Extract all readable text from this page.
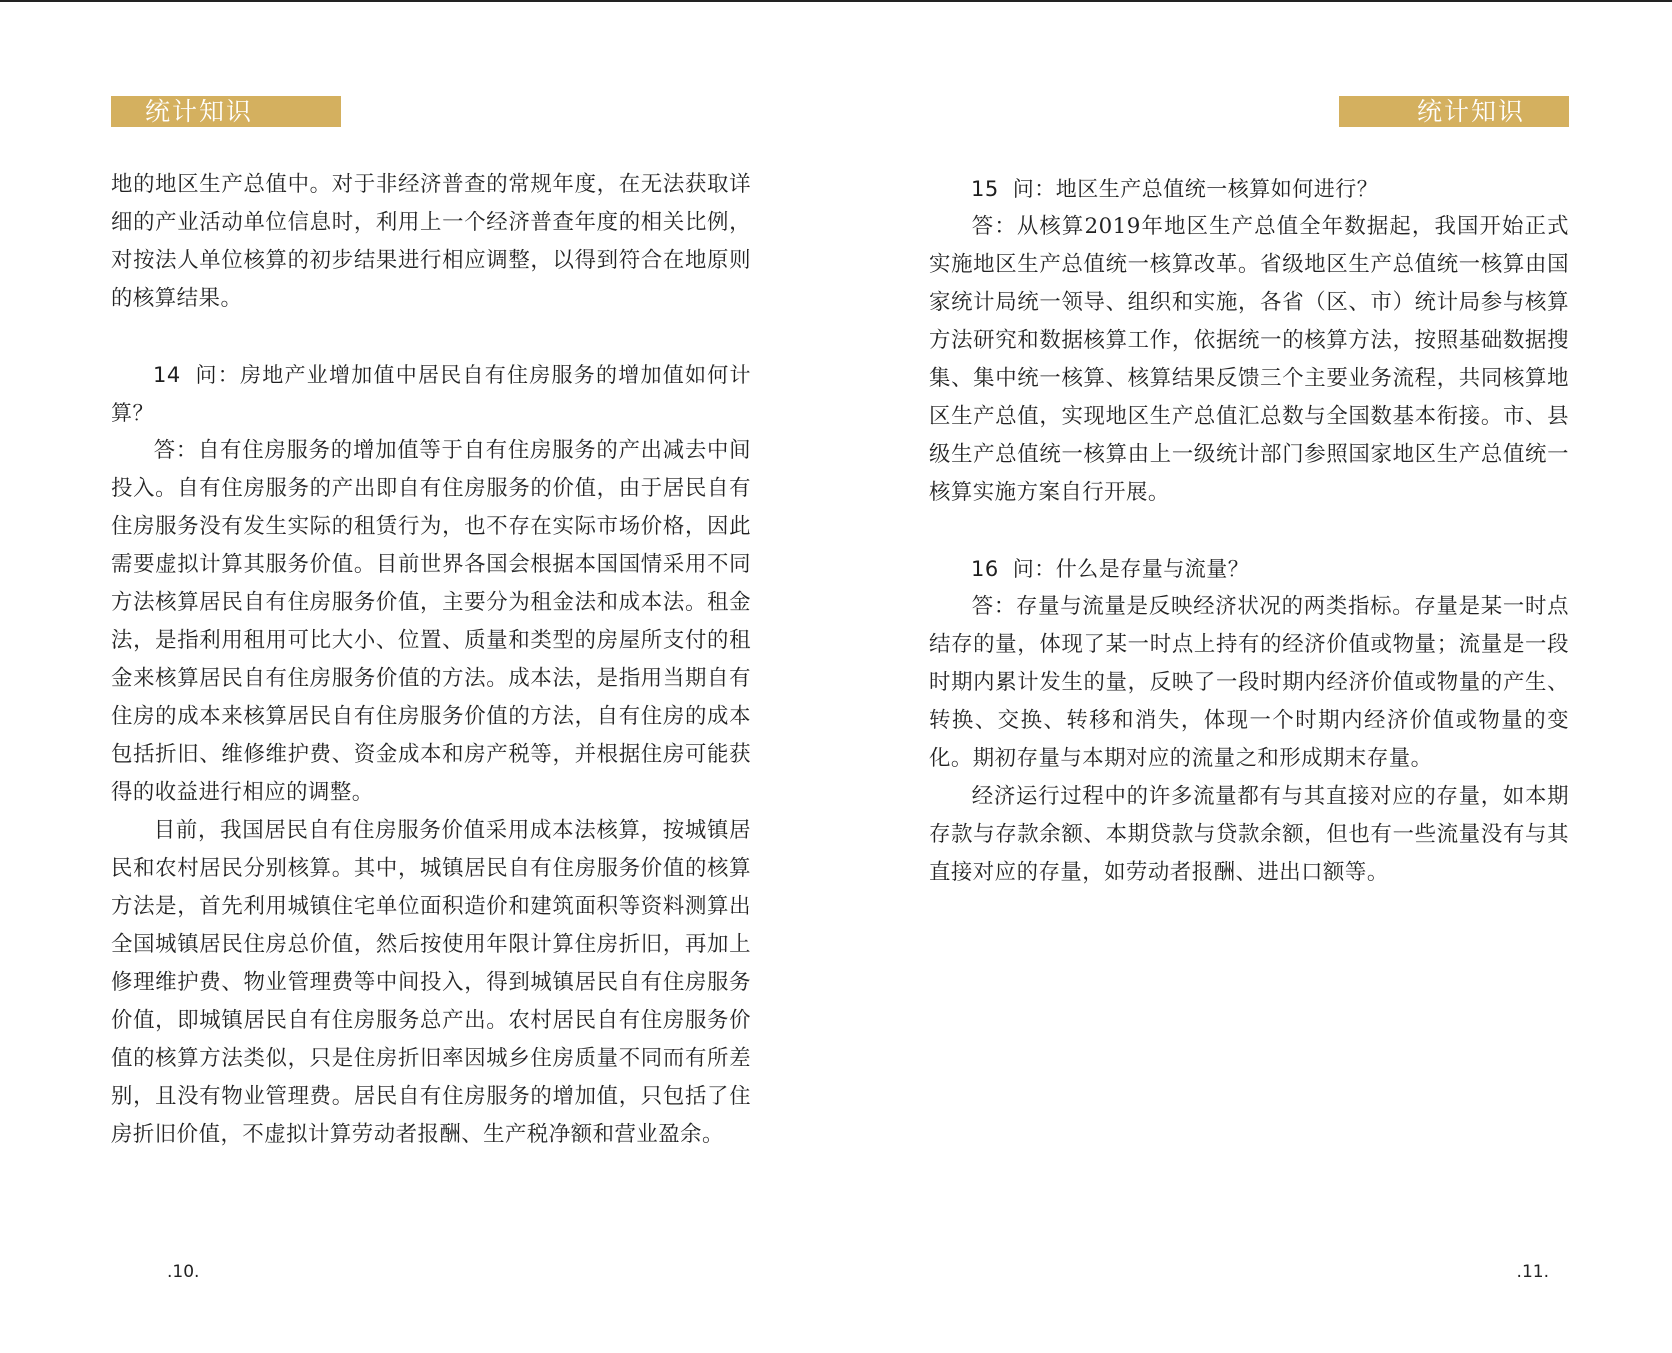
统计知识

地的地区生产总值中。对于非经济普查的常规年度，在无法获取详细的产业活动单位信息时，利用上一个经济普查年度的相关比例，对按法人单位核算的初步结果进行相应调整，以得到符合在地原则的核算结果。

14 问：房地产业增加值中居民自有住房服务的增加值如何计算？

答：自有住房服务的增加值等于自有住房服务的产出减去中间投入。自有住房服务的产出即自有住房服务的价值，由于居民自有住房服务没有发生实际的租赁行为，也不存在实际市场价格，因此需要虚拟计算其服务价值。目前世界各国会根据本国国情采用不同方法核算居民自有住房服务价值，主要分为租金法和成本法。租金法，是指利用租用可比大小、位置、质量和类型的房屋所支付的租金来核算居民自有住房服务价值的方法。成本法，是指用当期自有住房的成本来核算居民自有住房服务价值的方法，自有住房的成本包括折旧、维修维护费、资金成本和房产税等，并根据住房可能获得的收益进行相应的调整。

目前，我国居民自有住房服务价值采用成本法核算，按城镇居民和农村居民分别核算。其中，城镇居民自有住房服务价值的核算方法是，首先利用城镇住宅单位面积造价和建筑面积等资料测算出全国城镇居民住房总价值，然后按使用年限计算住房折旧，再加上修理维护费、物业管理费等中间投入，得到城镇居民自有住房服务价值，即城镇居民自有住房服务总产出。农村居民自有住房服务价值的核算方法类似，只是住房折旧率因城乡住房质量不同而有所差别，且没有物业管理费。居民自有住房服务的增加值，只包括了住房折旧价值，不虚拟计算劳动者报酬、生产税净额和营业盈余。

.10.
统计知识

15 问：地区生产总值统一核算如何进行？

答：从核算2019年地区生产总值全年数据起，我国开始正式实施地区生产总值统一核算改革。省级地区生产总值统一核算由国家统计局统一领导、组织和实施，各省（区、市）统计局参与核算方法研究和数据核算工作，依据统一的核算方法，按照基础数据搜集、集中统一核算、核算结果反馈三个主要业务流程，共同核算地区生产总值，实现地区生产总值汇总数与全国数基本衔接。市、县级生产总值统一核算由上一级统计部门参照国家地区生产总值统一核算实施方案自行开展。

16 问：什么是存量与流量？

答：存量与流量是反映经济状况的两类指标。存量是某一时点结存的量，体现了某一时点上持有的经济价值或物量；流量是一段时期内累计发生的量，反映了一段时期内经济价值或物量的产生、转换、交换、转移和消失，体现一个时期内经济价值或物量的变化。期初存量与本期对应的流量之和形成期末存量。

经济运行过程中的许多流量都有与其直接对应的存量，如本期存款与存款余额、本期贷款与贷款余额，但也有一些流量没有与其直接对应的存量，如劳动者报酬、进出口额等。

.11.
